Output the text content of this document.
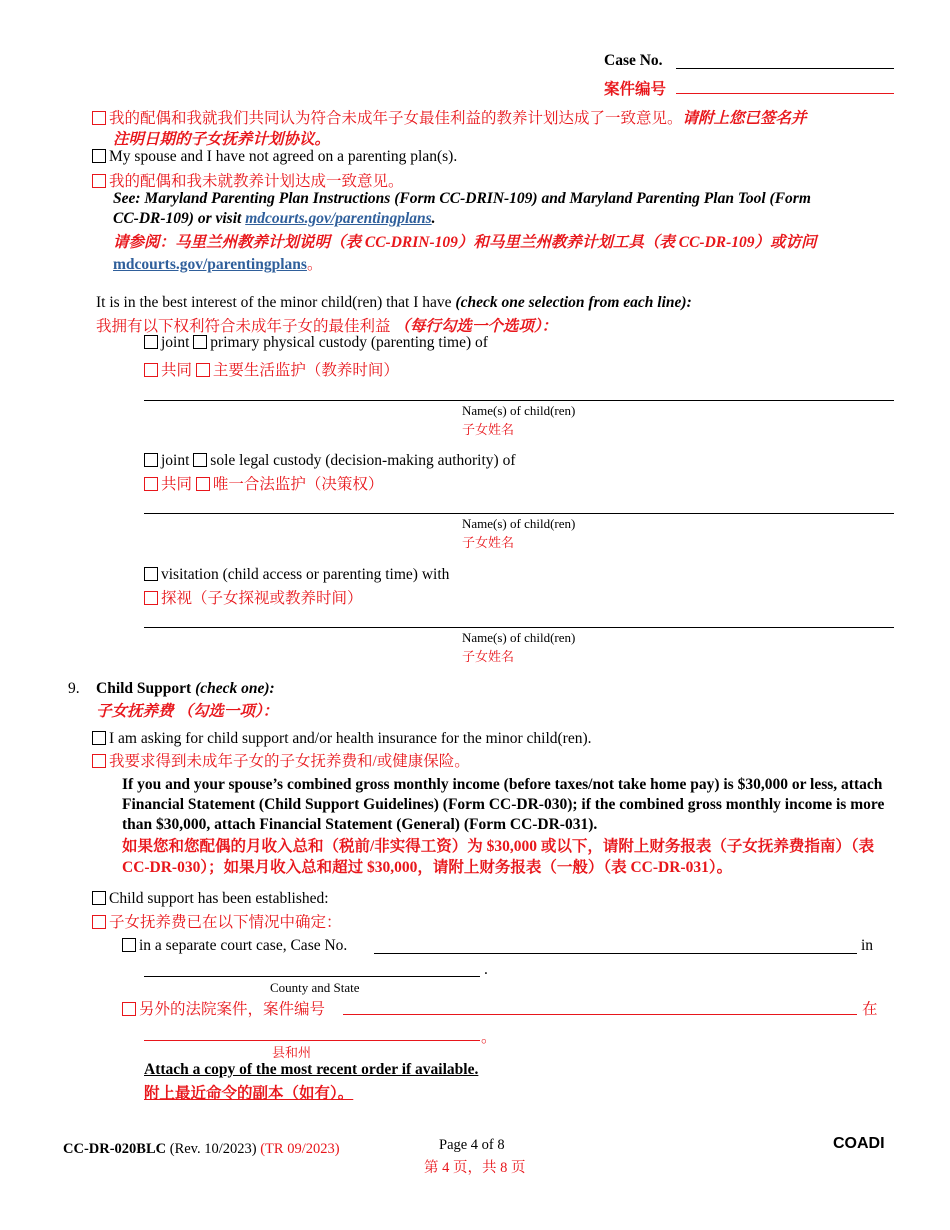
Case No.
案件编号
我的配偶和我就我们共同认为符合未成年子女最佳利益的教养计划达成了一致意见。请附上您已签名并
注明日期的子女抚养计划协议。
My spouse and I have not agreed on a parenting plan(s).
我的配偶和我未就教养计划达成一致意见。
See: Maryland Parenting Plan Instructions (Form CC-DRIN-109) and Maryland Parenting Plan Tool (Form
CC-DR-109) or visit mdcourts.gov/parentingplans.
请参阅：马里兰州教养计划说明（表 CC-DRIN-109）和马里兰州教养计划工具（表 CC-DR-109）或访问
mdcourts.gov/parentingplans。
It is in the best interest of the minor child(ren) that I have (check one selection from each line):
我拥有以下权利符合未成年子女的最佳利益 （每行勾选一个选项）：
joint primary physical custody (parenting time) of
共同 主要生活监护（教养时间）
Name(s) of child(ren)
子女姓名
joint sole legal custody (decision-making authority) of
共同 唯一合法监护（决策权）
Name(s) of child(ren)
子女姓名
visitation (child access or parenting time) with
探视（子女探视或教养时间）
Name(s) of child(ren)
子女姓名
9. Child Support (check one):
子女抚养费 （勾选一项）：
I am asking for child support and/or health insurance for the minor child(ren).
我要求得到未成年子女的子女抚养费和/或健康保险。
If you and your spouse’s combined gross monthly income (before taxes/not take home pay) is $30,000 or less, attach Financial Statement (Child Support Guidelines) (Form CC-DR-030); if the combined gross monthly income is more than $30,000, attach Financial Statement (General) (Form CC-DR-031).
如果您和您配偶的月收入总和（税前/非实得工资）为 $30,000 或以下，请附上财务报表（子女抚养费指南）（表 CC-DR-030）；如果月收入总和超过 $30,000，请附上财务报表（一般）（表 CC-DR-031）。
Child support has been established:
子女抚养费已在以下情况中确定：
in a separate court case, Case No.	in
.
County and State
另外的法院案件，案件编号	在
。
县和州
Attach a copy of the most recent order if available.
附上最近命令的副本（如有）。
CC-DR-020BLC (Rev. 10/2023) (TR 09/2023)	Page 4 of 8
第 4 页，共 8 页
COADI
